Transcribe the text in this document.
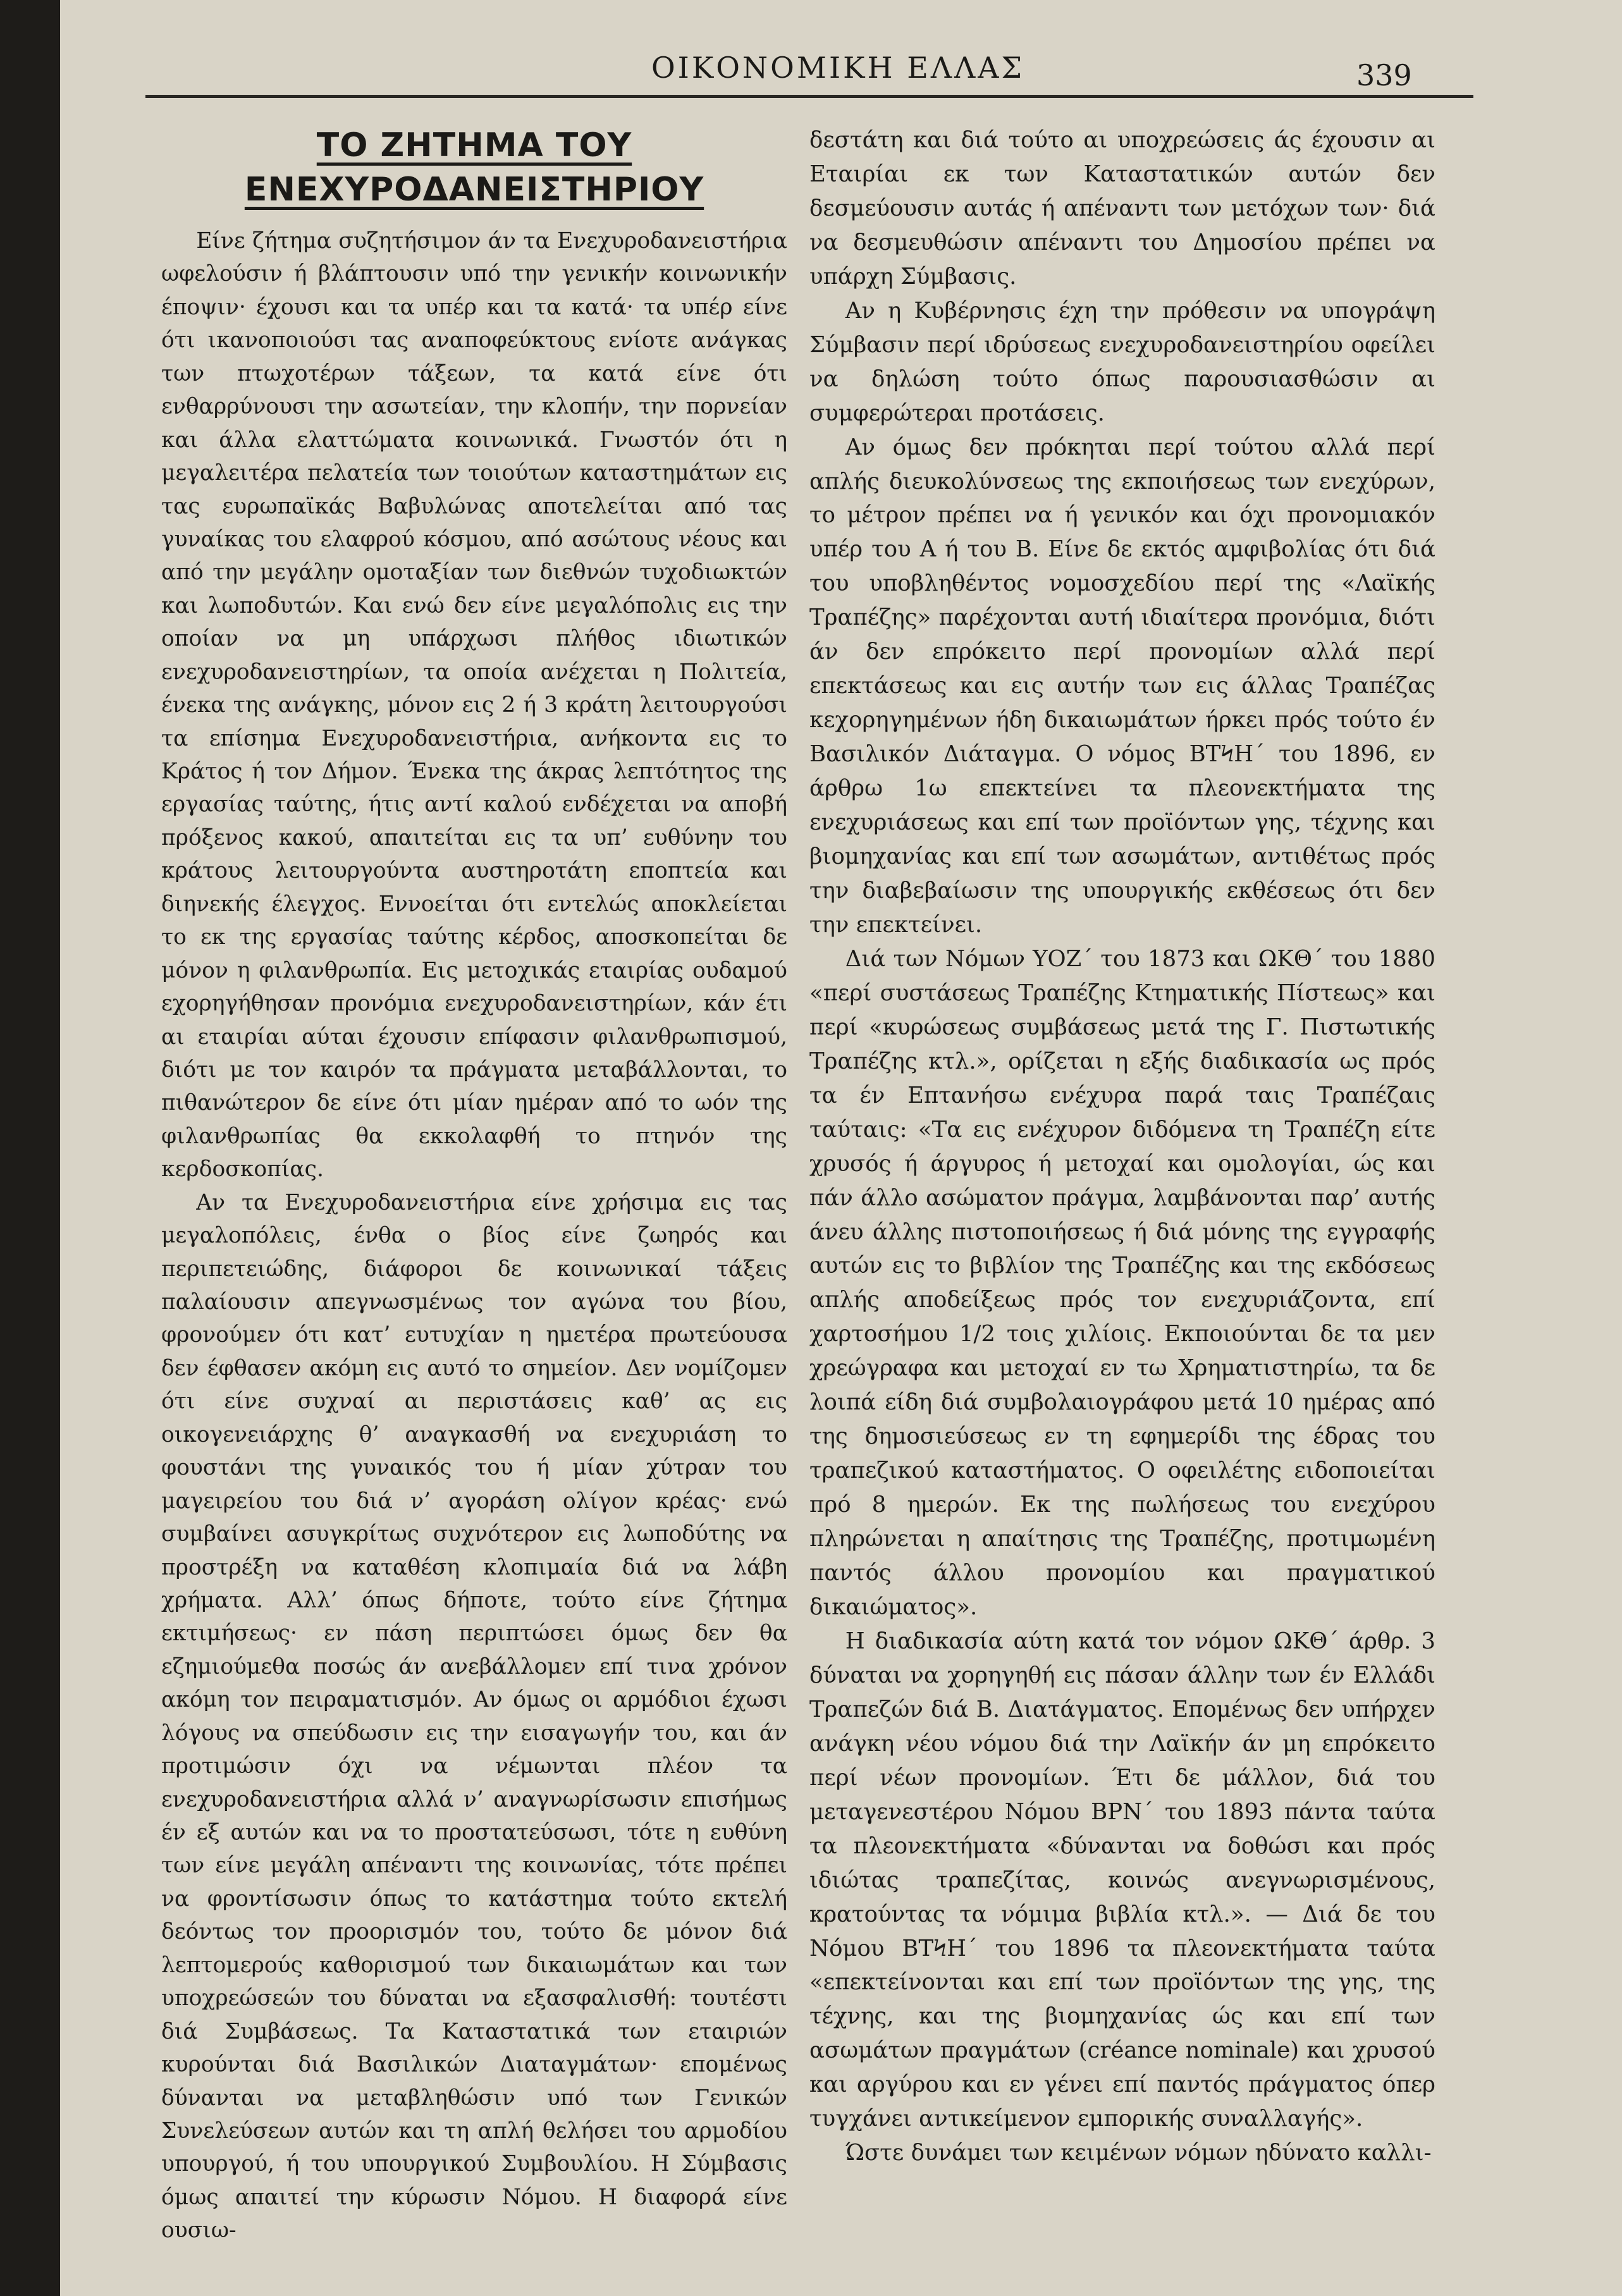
ΟΙΚΟΝΟΜΙΚΗ ΕΛΛΑΣ	339
ΤΟ ΖΗΤΗΜΑ ΤΟΥ ΕΝΕΧΥΡΟΔΑΝΕΙΣΤΗΡΙΟΥ

Είνε ζήτημα συζητήσιμον άν τα Ενεχυροδανειστήρια ωφελούσιν ή βλάπτουσιν υπό την γενικήν κοινωνικήν έποψιν· έχουσι και τα υπέρ και τα κατά· τα υπέρ είνε ότι ικανοποιούσι τας αναποφεύκτους ενίοτε ανάγκας των πτωχοτέρων τάξεων, τα κατά είνε ότι ενθαρρύνουσι την ασωτείαν, την κλοπήν, την πορνείαν και άλλα ελαττώματα κοινωνικά. Γνωστόν ότι η μεγαλειτέρα πελατεία των τοιούτων καταστημάτων εις τας ευρωπαϊκάς Βαβυλώνας αποτελείται από τας γυναίκας του ελαφρού κόσμου, από ασώτους νέους και από την μεγάλην ομοταξίαν των διεθνών τυχοδιωκτών και λωποδυτών. Και ενώ δεν είνε μεγαλόπολις εις την οποίαν να μη υπάρχωσι πλήθος ιδιωτικών ενεχυροδανειστηρίων, τα οποία ανέχεται η Πολιτεία, ένεκα της ανάγκης, μόνον εις 2 ή 3 κράτη λειτουργούσι τα επίσημα Ενεχυροδανειστήρια, ανήκοντα εις το Κράτος ή τον Δήμον. Ένεκα της άκρας λεπτότητος της εργασίας ταύτης, ήτις αντί καλού ενδέχεται να αποβή πρόξενος κακού, απαιτείται εις τα υπ’ ευθύνην του κράτους λειτουργούντα αυστηροτάτη εποπτεία και διηνεκής έλεγχος. Εννοείται ότι εντελώς αποκλείεται το εκ της εργασίας ταύτης κέρδος, αποσκοπείται δε μόνον η φιλανθρωπία. Εις μετοχικάς εταιρίας ουδαμού εχορηγήθησαν προνόμια ενεχυροδανειστηρίων, κάν έτι αι εταιρίαι αύται έχουσιν επίφασιν φιλανθρωπισμού, διότι με τον καιρόν τα πράγματα μεταβάλλονται, το πιθανώτερον δε είνε ότι μίαν ημέραν από το ωόν της φιλανθρωπίας θα εκκολαφθή το πτηνόν της κερδοσκοπίας.

Αν τα Ενεχυροδανειστήρια είνε χρήσιμα εις τας μεγαλοπόλεις, ένθα ο βίος είνε ζωηρός και περιπετειώδης, διάφοροι δε κοινωνικαί τάξεις παλαίουσιν απεγνωσμένως τον αγώνα του βίου, φρονούμεν ότι κατ’ ευτυχίαν η ημετέρα πρωτεύουσα δεν έφθασεν ακόμη εις αυτό το σημείον. Δεν νομίζομεν ότι είνε συχναί αι περιστάσεις καθ’ ας εις οικογενειάρχης θ’ αναγκασθή να ενεχυριάση το φουστάνι της γυναικός του ή μίαν χύτραν του μαγειρείου του διά ν’ αγοράση ολίγον κρέας· ενώ συμβαίνει ασυγκρίτως συχνότερον εις λωποδύτης να προστρέξη να καταθέση κλοπιμαία διά να λάβη χρήματα. Αλλ’ όπως δήποτε, τούτο είνε ζήτημα εκτιμήσεως· εν πάση περιπτώσει όμως δεν θα εζημιούμεθα ποσώς άν ανεβάλλομεν επί τινα χρόνον ακόμη τον πειραματισμόν. Αν όμως οι αρμόδιοι έχωσι λόγους να σπεύδωσιν εις την εισαγωγήν του, και άν προτιμώσιν όχι να νέμωνται πλέον τα ενεχυροδανειστήρια αλλά ν’ αναγνωρίσωσιν επισήμως έν εξ αυτών και να το προστατεύσωσι, τότε η ευθύνη των είνε μεγάλη απέναντι της κοινωνίας, τότε πρέπει να φροντίσωσιν όπως το κατάστημα τούτο εκτελή δεόντως τον προορισμόν του, τούτο δε μόνον διά λεπτομερούς καθορισμού των δικαιωμάτων και των υποχρεώσεών του δύναται να εξασφαλισθή: τουτέστι διά Συμβάσεως. Τα Καταστατικά των εταιριών κυρούνται διά Βασιλικών Διαταγμάτων· επομένως δύνανται να μεταβληθώσιν υπό των Γενικών Συνελεύσεων αυτών και τη απλή θελήσει του αρμοδίου υπουργού, ή του υπουργικού Συμβουλίου. Η Σύμβασις όμως απαιτεί την κύρωσιν Νόμου. Η διαφορά είνε ουσιω-

δεστάτη και διά τούτο αι υποχρεώσεις άς έχουσιν αι Εταιρίαι εκ των Καταστατικών αυτών δεν δεσμεύουσιν αυτάς ή απέναντι των μετόχων των· διά να δεσμευθώσιν απέναντι του Δημοσίου πρέπει να υπάρχη Σύμβασις.

Αν η Κυβέρνησις έχη την πρόθεσιν να υπογράψη Σύμβασιν περί ιδρύσεως ενεχυροδανειστηρίου οφείλει να δηλώση τούτο όπως παρουσιασθώσιν αι συμφερώτεραι προτάσεις.

Αν όμως δεν πρόκηται περί τούτου αλλά περί απλής διευκολύνσεως της εκποιήσεως των ενεχύρων, το μέτρον πρέπει να ή γενικόν και όχι προνομιακόν υπέρ του Α ή του Β. Είνε δε εκτός αμφιβολίας ότι διά του υποβληθέντος νομοσχεδίου περί της «Λαϊκής Τραπέζης» παρέχονται αυτή ιδιαίτερα προνόμια, διότι άν δεν επρόκειτο περί προνομίων αλλά περί επεκτάσεως και εις αυτήν των εις άλλας Τραπέζας κεχορηγημένων ήδη δικαιωμάτων ήρκει πρός τούτο έν Βασιλικόν Διάταγμα. Ο νόμος ΒΤϞΗ΄ του 1896, εν άρθρω 1ω επεκτείνει τα πλεονεκτήματα της ενεχυριάσεως και επί των προϊόντων γης, τέχνης και βιομηχανίας και επί των ασωμάτων, αντιθέτως πρός την διαβεβαίωσιν της υπουργικής εκθέσεως ότι δεν την επεκτείνει.

Διά των Νόμων ΥΟΖ΄ του 1873 και ΩΚΘ΄ του 1880 «περί συστάσεως Τραπέζης Κτηματικής Πίστεως» και περί «κυρώσεως συμβάσεως μετά της Γ. Πιστωτικής Τραπέζης κτλ.», ορίζεται η εξής διαδικασία ως πρός τα έν Επτανήσω ενέχυρα παρά ταις Τραπέζαις ταύταις: «Τα εις ενέχυρον διδόμενα τη Τραπέζη είτε χρυσός ή άργυρος ή μετοχαί και ομολογίαι, ώς και πάν άλλο ασώματον πράγμα, λαμβάνονται παρ’ αυτής άνευ άλλης πιστοποιήσεως ή διά μόνης της εγγραφής αυτών εις το βιβλίον της Τραπέζης και της εκδόσεως απλής αποδείξεως πρός τον ενεχυριάζοντα, επί χαρτοσήμου 1/2 τοις χιλίοις. Εκποιούνται δε τα μεν χρεώγραφα και μετοχαί εν τω Χρηματιστηρίω, τα δε λοιπά είδη διά συμβολαιογράφου μετά 10 ημέρας από της δημοσιεύσεως εν τη εφημερίδι της έδρας του τραπεζικού καταστήματος. Ο οφειλέτης ειδοποιείται πρό 8 ημερών. Εκ της πωλήσεως του ενεχύρου πληρώνεται η απαίτησις της Τραπέζης, προτιμωμένη παντός άλλου προνομίου και πραγματικού δικαιώματος».

Η διαδικασία αύτη κατά τον νόμον ΩΚΘ΄ άρθρ. 3 δύναται να χορηγηθή εις πάσαν άλλην των έν Ελλάδι Τραπεζών διά Β. Διατάγματος. Επομένως δεν υπήρχεν ανάγκη νέου νόμου διά την Λαϊκήν άν μη επρόκειτο περί νέων προνομίων. Έτι δε μάλλον, διά του μεταγενεστέρου Νόμου ΒΡΝ΄ του 1893 πάντα ταύτα τα πλεονεκτήματα «δύνανται να δοθώσι και πρός ιδιώτας τραπεζίτας, κοινώς ανεγνωρισμένους, κρατούντας τα νόμιμα βιβλία κτλ.». — Διά δε του Νόμου ΒΤϞΗ΄ του 1896 τα πλεονεκτήματα ταύτα «επεκτείνονται και επί των προϊόντων της γης, της τέχνης, και της βιομηχανίας ώς και επί των ασωμάτων πραγμάτων (créance nominale) και χρυσού και αργύρου και εν γένει επί παντός πράγματος όπερ τυγχάνει αντικείμενον εμπορικής συναλλαγής».

Ώστε δυνάμει των κειμένων νόμων ηδύνατο καλλι-
